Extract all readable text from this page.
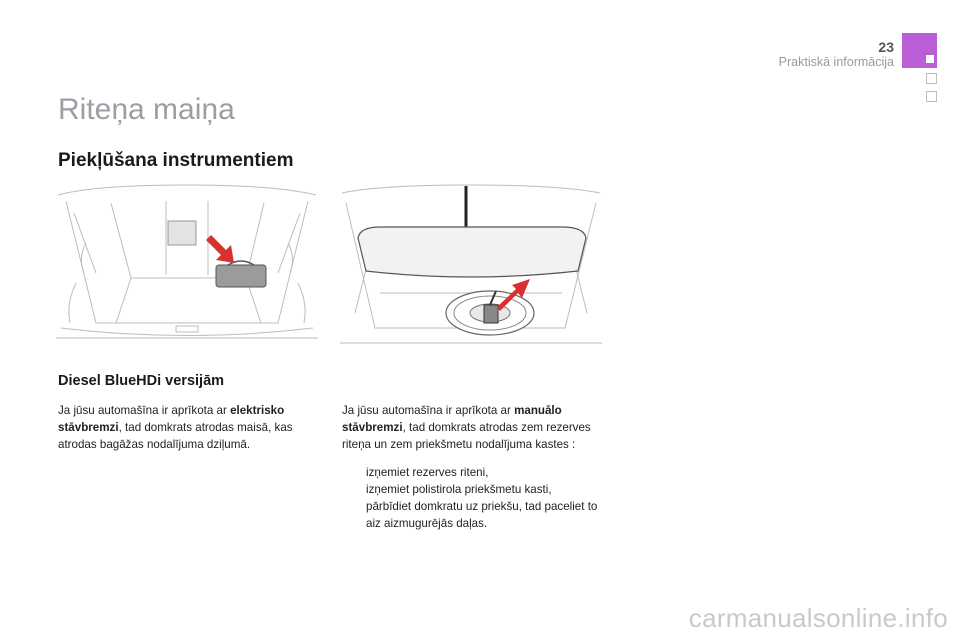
23
Praktiskā informācija
Riteņa maiņa
Piekļūšana instrumentiem
Diesel BlueHDi versijām

Ja jūsu automašīna ir aprīkota ar elektrisko stāvbremzi, tad domkrats atrodas maisā, kas atrodas bagāžas nodalījuma dziļumā.

Ja jūsu automašīna ir aprīkota ar manuālo stāvbremzi, tad domkrats atrodas zem rezerves riteņa un zem priekšmetu nodalījuma kastes :

izņemiet rezerves riteni,
izņemiet polistirola priekšmetu kasti,
pārbīdiet domkratu uz priekšu, tad paceliet to aiz aizmugurējās daļas.
carmanualsonline.info
